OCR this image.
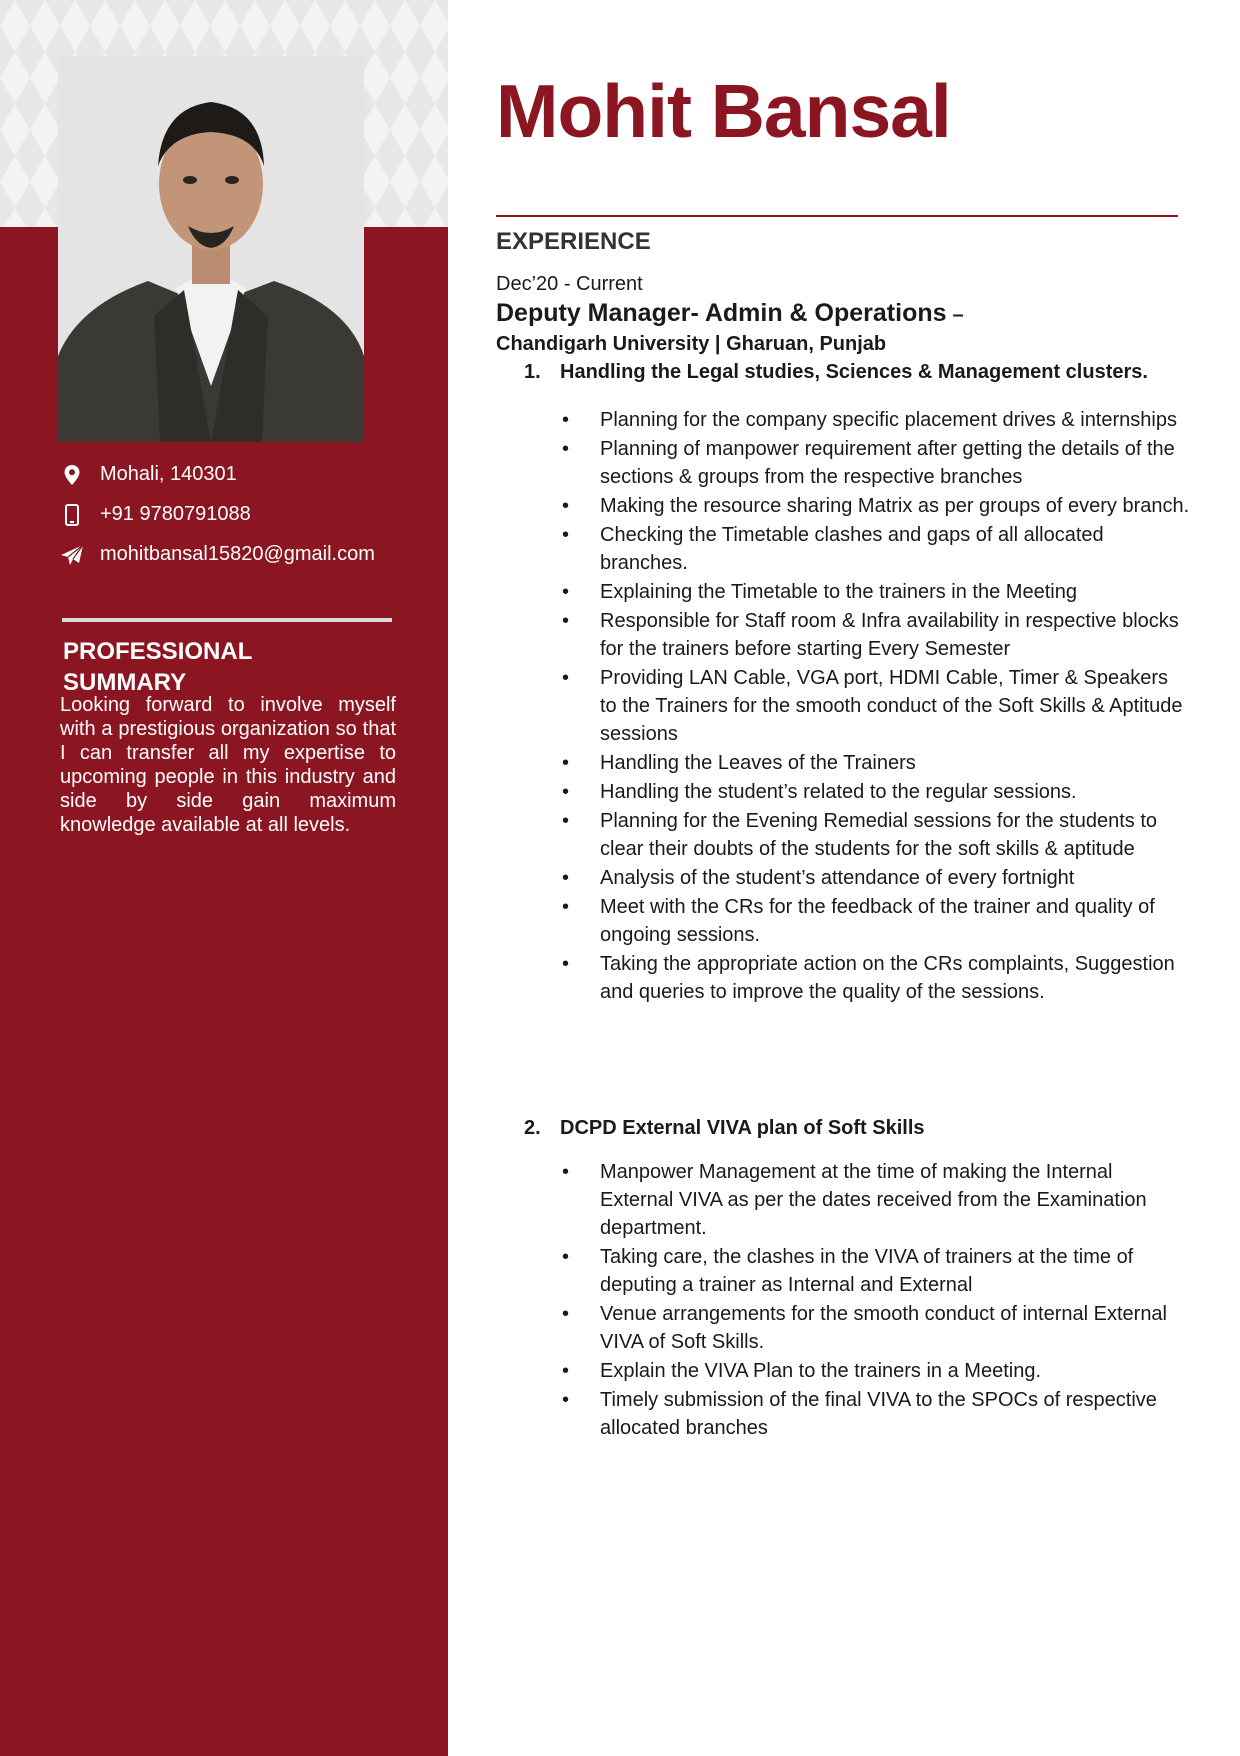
Mohali, 140301
+91 9780791088
mohitbansal15820@gmail.com
PROFESSIONAL
SUMMARY
Looking forward to involve myself with a prestigious organization so that I can transfer all my expertise to upcoming people in this industry and side by side gain maximum knowledge available at all levels.
Mohit Bansal
EXPERIENCE
Dec’20 - Current
Deputy Manager- Admin & Operations –
Chandigarh University | Gharuan, Punjab
1. Handling the Legal studies, Sciences & Management clusters.
• Planning for the company specific placement drives & internships
• Planning of manpower requirement after getting the details of the sections & groups from the respective branches
• Making the resource sharing Matrix as per groups of every branch.
• Checking the Timetable clashes and gaps of all allocated branches.
• Explaining the Timetable to the trainers in the Meeting
• Responsible for Staff room & Infra availability in respective blocks for the trainers before starting Every Semester
• Providing LAN Cable, VGA port, HDMI Cable, Timer & Speakers to the Trainers for the smooth conduct of the Soft Skills & Aptitude sessions
• Handling the Leaves of the Trainers
• Handling the student’s related to the regular sessions.
• Planning for the Evening Remedial sessions for the students to clear their doubts of the students for the soft skills & aptitude
• Analysis of the student’s attendance of every fortnight
• Meet with the CRs for the feedback of the trainer and quality of ongoing sessions.
• Taking the appropriate action on the CRs complaints, Suggestion and queries to improve the quality of the sessions.
2. DCPD External VIVA plan of Soft Skills
• Manpower Management at the time of making the Internal External VIVA as per the dates received from the Examination department.
• Taking care, the clashes in the VIVA of trainers at the time of deputing a trainer as Internal and External
• Venue arrangements for the smooth conduct of internal External VIVA of Soft Skills.
• Explain the VIVA Plan to the trainers in a Meeting.
• Timely submission of the final VIVA to the SPOCs of respective allocated branches
